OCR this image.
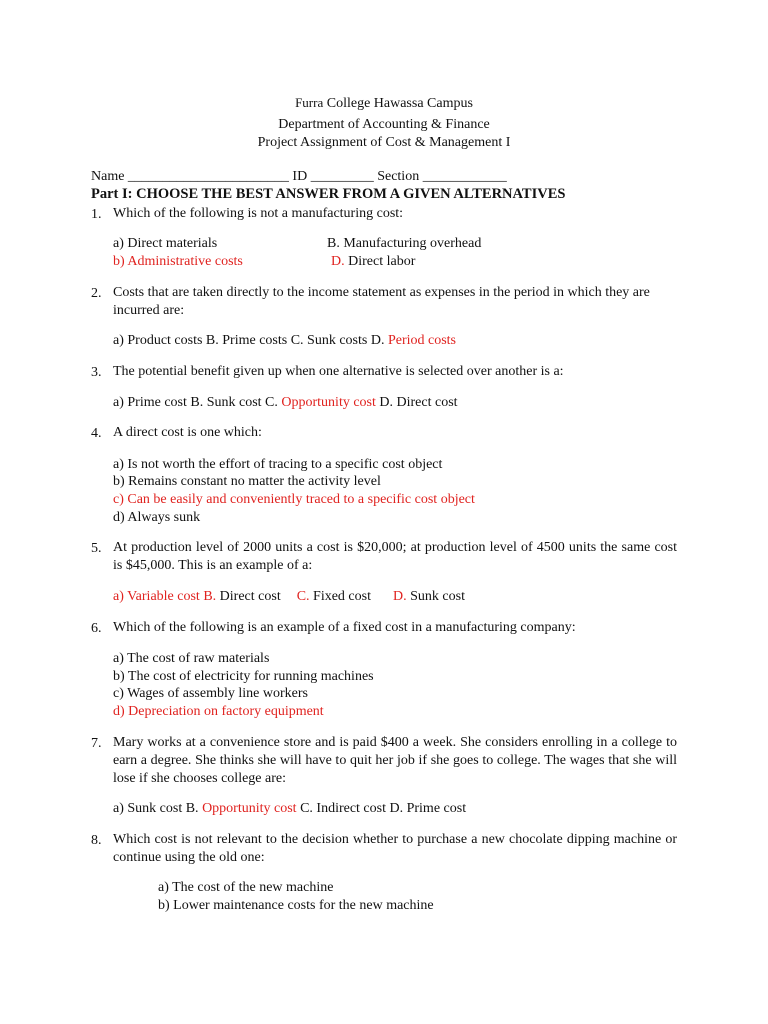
Furra College Hawassa Campus
Department of Accounting & Finance
Project Assignment of Cost & Management I
Name _______________________ ID _________ Section ____________
Part I: CHOOSE THE BEST ANSWER FROM A GIVEN ALTERNATIVES
1. Which of the following is not a manufacturing cost:
a) Direct materials	B. Manufacturing overhead
b) Administrative costs	D. Direct labor
2. Costs that are taken directly to the income statement as expenses in the period in which they are incurred are:
a) Product costs B. Prime costs C. Sunk costs D. Period costs
3. The potential benefit given up when one alternative is selected over another is a:
a) Prime cost B. Sunk cost C. Opportunity cost D. Direct cost
4. A direct cost is one which:
a) Is not worth the effort of tracing to a specific cost object
b) Remains constant no matter the activity level
c) Can be easily and conveniently traced to a specific cost object
d) Always sunk
5. At production level of 2000 units a cost is $20,000; at production level of 4500 units the same cost is $45,000. This is an example of a:
a) Variable cost B. Direct cost C. Fixed cost D. Sunk cost
6. Which of the following is an example of a fixed cost in a manufacturing company:
a) The cost of raw materials
b) The cost of electricity for running machines
c) Wages of assembly line workers
d) Depreciation on factory equipment
7. Mary works at a convenience store and is paid $400 a week. She considers enrolling in a college to earn a degree. She thinks she will have to quit her job if she goes to college. The wages that she will lose if she chooses college are:
a) Sunk cost B. Opportunity cost C. Indirect cost D. Prime cost
8. Which cost is not relevant to the decision whether to purchase a new chocolate dipping machine or continue using the old one:
a) The cost of the new machine
b) Lower maintenance costs for the new machine
